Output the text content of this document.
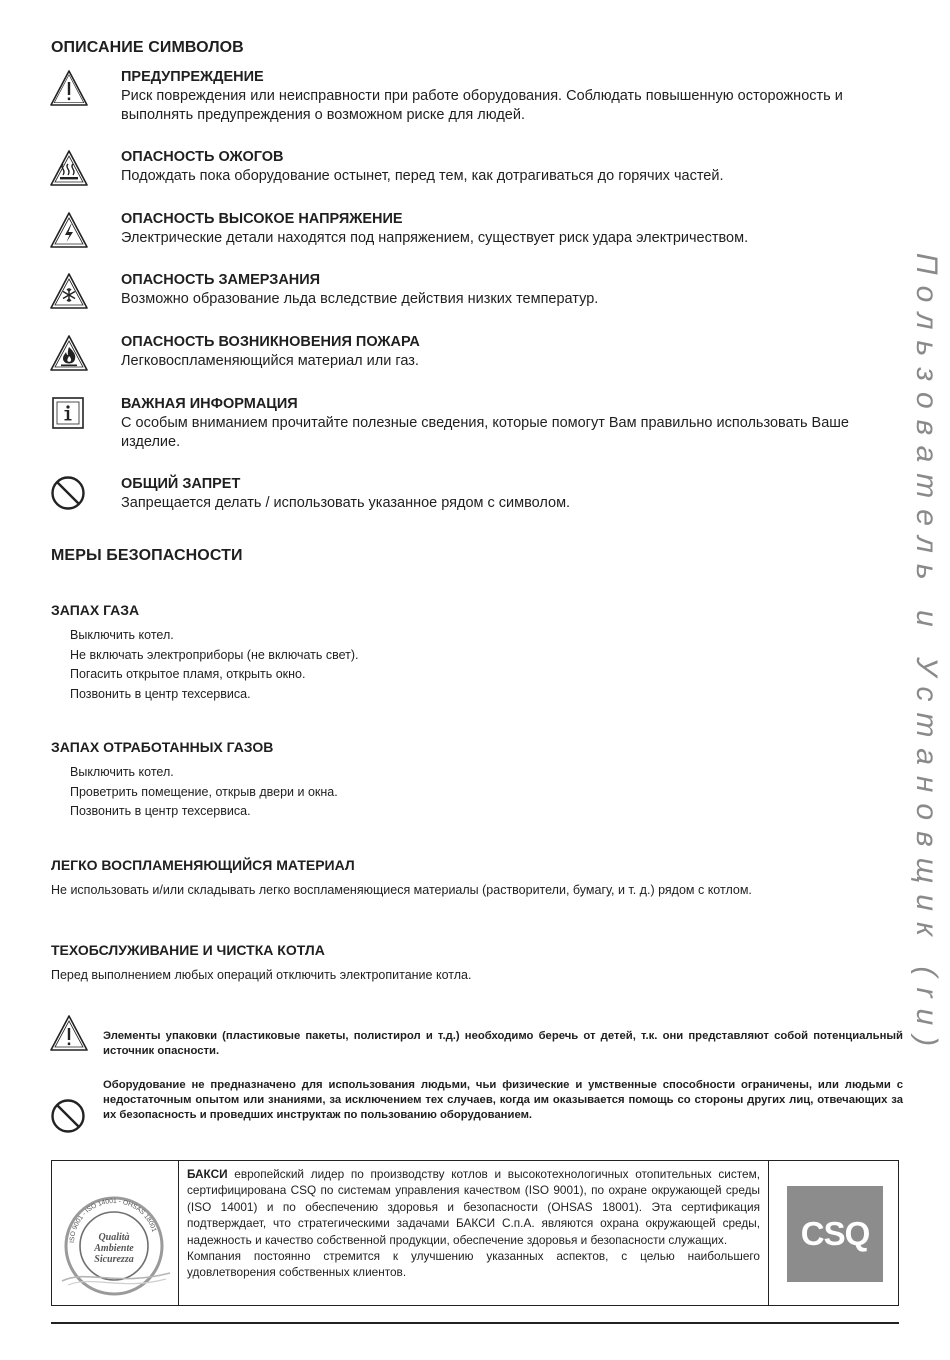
ОПИСАНИЕ СИМВОЛОВ
ПРЕДУПРЕЖДЕНИЕ
Риск повреждения или неисправности при работе оборудования. Соблюдать повышенную осторожность и выполнять предупреждения о возможном риске для людей.
ОПАСНОСТЬ ОЖОГОВ
Подождать пока оборудование остынет, перед тем, как дотрагиваться до горячих частей.
ОПАСНОСТЬ ВЫСОКОЕ НАПРЯЖЕНИЕ
Электрические детали находятся под напряжением, существует риск удара электричеством.
ОПАСНОСТЬ ЗАМЕРЗАНИЯ
Возможно образование льда вследствие действия низких температур.
ОПАСНОСТЬ ВОЗНИКНОВЕНИЯ ПОЖАРА
Легковоспламеняющийся материал или газ.
ВАЖНАЯ ИНФОРМАЦИЯ
С особым вниманием прочитайте полезные сведения, которые помогут Вам правильно использовать Ваше изделие.
ОБЩИЙ ЗАПРЕТ
Запрещается делать / использовать указанное рядом с символом.
МЕРЫ БЕЗОПАСНОСТИ
ЗАПАХ ГАЗА
Выключить котел.
Не включать электроприборы (не включать свет).
Погасить открытое пламя, открыть окно.
Позвонить в центр техсервиса.
ЗАПАХ ОТРАБОТАННЫХ ГАЗОВ
Выключить котел.
Проветрить помещение, открыв двери и окна.
Позвонить в центр техсервиса.
ЛЕГКО ВОСПЛАМЕНЯЮЩИЙСЯ МАТЕРИАЛ
Не использовать и/или складывать легко воспламеняющиеся материалы (растворители, бумагу, и т. д.) рядом с котлом.
ТЕХОБСЛУЖИВАНИЕ И ЧИСТКА КОТЛА
Перед выполнением любых операций отключить электропитание котла.
Элементы упаковки (пластиковые пакеты, полистирол и т.д.) необходимо беречь от детей, т.к. они представляют собой потенциальный источник опасности.
Оборудование не предназначено для использования людьми, чьи физические и умственные способности ограничены, или людьми с недостаточным опытом или знаниями, за исключением тех случаев, когда им оказывается помощь со стороны других лиц, отвечающих за их безопасность и проведших инструктаж по пользованию оборудованием.
ISO 9001 - ISO 14001 - OHSAS 18001
Qualità
Ambiente
Sicurezza
БАКСИ европейский лидер по производству котлов и высокотехнологичных отопительных систем, сертифицирована CSQ по системам управления качеством (ISO 9001), по охране окружающей среды (ISO 14001) и по обеспечению здоровья и безопасности (OHSAS 18001). Эта сертификация подтверждает, что стратегическими задачами БАКСИ С.п.А. являются охрана окружающей среды, надежность и качество собственной продукции, обеспечение здоровья и безопасности служащих.
Компания постоянно стремится к улучшению указанных аспектов, с целью наибольшего удовлетворения собственных клиентов.
CSQ
Пользователь и Установщик (ru)
